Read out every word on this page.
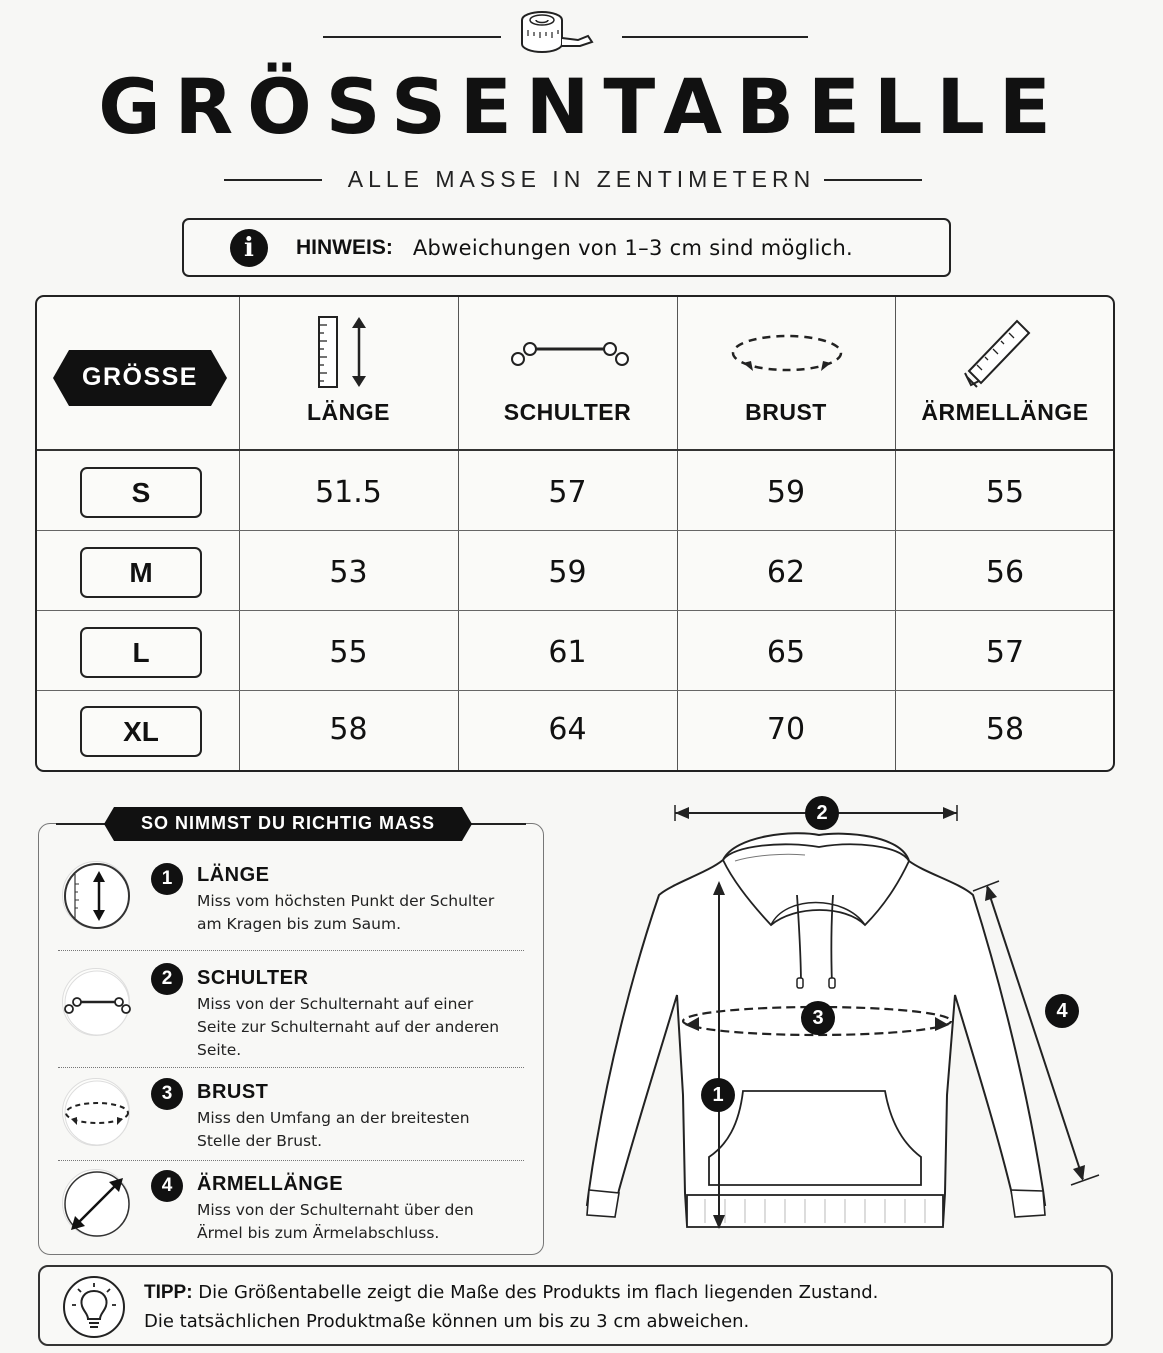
GRÖSSENTABELLE
ALLE MASSE IN ZENTIMETERN
i	HINWEIS: Abweichungen von 1–3 cm sind möglich.
GRÖSSE
LÄNGE	SCHULTER	BRUST	ÄRMELLÄNGE
S	51.5	57	59	55
M	53	59	62	56
L	55	61	65	57
XL	58	64	70	58
SO NIMMST DU RICHTIG MASS
1	LÄNGE
Miss vom höchsten Punkt der Schulter am Kragen bis zum Saum.
2	SCHULTER
Miss von der Schulternaht auf einer Seite zur Schulternaht auf der anderen Seite.
3	BRUST
Miss den Umfang an der breitesten Stelle der Brust.
4	ÄRMELLÄNGE
Miss von der Schulternaht über den Ärmel bis zum Ärmelabschluss.
2
1
3	4
TIPP: Die Größentabelle zeigt die Maße des Produkts im flach liegenden Zustand.
Die tatsächlichen Produktmaße können um bis zu 3 cm abweichen.
